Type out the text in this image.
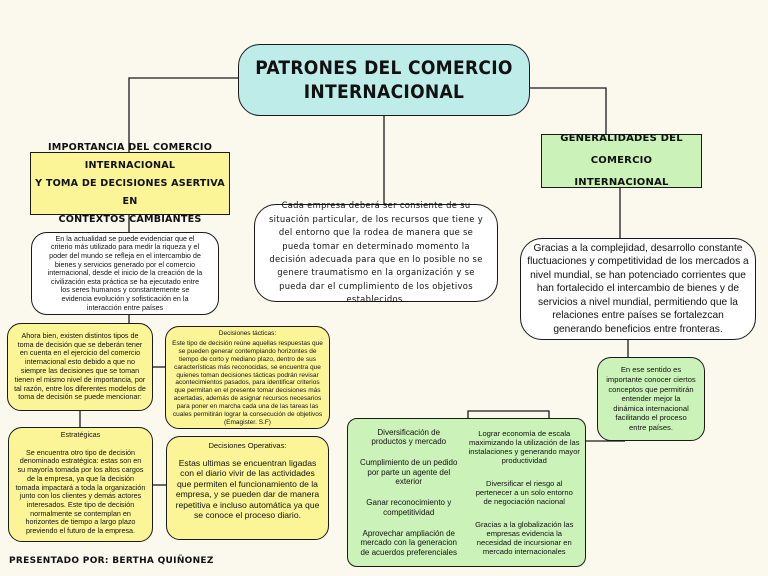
PATRONES DEL COMERCIO
INTERNACIONAL
IMPORTANCIA DEL COMERCIO INTERNACIONAL
Y TOMA DE DECISIONES ASERTIVA EN
CONTEXTOS CAMBIANTES
En la actualidad se puede evidenciar que el criterio más utilizado para medir la riqueza y el poder del mundo se refleja en el intercambio de bienes y servicios generado por el comercio internacional, desde el inicio de la creación de la civilización esta práctica se ha ejecutado entre los seres humanos y constantemente se evidencia evolución y sofisticación en la interacción entre países
Cada empresa deberá ser consiente de su situación particular, de los recursos que tiene y del entorno que la rodea de manera que se pueda tomar en determinado momento la decisión adecuada para que en lo posible no se genere traumatismo en la organización y se pueda dar el cumplimiento de los objetivos establecidos.
GENERALIDADES DEL COMERCIO
INTERNACIONAL
Gracias a la complejidad, desarrollo constante fluctuaciones y competitividad de los mercados a nivel mundial, se han potenciado corrientes que han fortalecido el intercambio de bienes y de servicios a nivel mundial, permitiendo que la relaciones entre países se fortalezcan generando beneficios entre fronteras.
En ese sentido es importante conocer ciertos conceptos que permitirán entender mejor la dinámica internacional facilitando el proceso entre países.
Ahora bien, existen distintos tipos de toma de decisión que se deberán tener en cuenta en el ejercicio del comercio internacional esto debido a que no siempre las decisiones que se toman tienen el mismo nivel de importancia, por tal razón, entre los diferentes modelos de toma de decisión se puede mencionar:
Decisiones tácticas:
Este tipo de decisión reúne aquellas respuestas que se pueden generar contemplando horizontes de tiempo de corto y mediano plazo, dentro de sus características más reconocidas, se encuentra que quienes toman decisiones tácticas podrán revisar acontecimientos pasados, para identificar criterios que permitan en el presente tomar decisiones más acertadas, además de asignar recursos necesarios para poner en marcha cada una de las tareas las cuales permitirán lograr la consecución de objetivos (Emagister. S.F)
Estratégicas
Se encuentra otro tipo de decisión denominado estratégica: estas son en su mayoría tomada por los altos cargos de la empresa, ya que la decisión tomada impactará a toda la organización junto con los clientes y demás actores interesados. Este tipo de decisión normalmente se contemplan en horizontes de tiempo a largo plazo previendo el futuro de la empresa.
Decisiones Operativas:
Estas ultimas se encuentran ligadas con el diario vivir de las actividades que permiten el funcionamiento de la empresa, y se pueden dar de manera repetitiva e incluso automática ya que se conoce el proceso diario.
Diversificación de productos y mercado
Cumplimiento de un pedido por parte un agente del exterior
Ganar reconocimiento y competitividad
Aprovechar ampliación de mercado con la generacion de acuerdos preferenciales
Lograr economía de escala maximizando la utilización de las instalaciones y generando mayor productividad
Diversificar el riesgo al pertenecer a un solo entorno de negociación nacional
Gracias a la globalización las empresas evidencia la necesidad de incursionar en mercado internacionales
PRESENTADO POR: BERTHA QUIÑONEZ
